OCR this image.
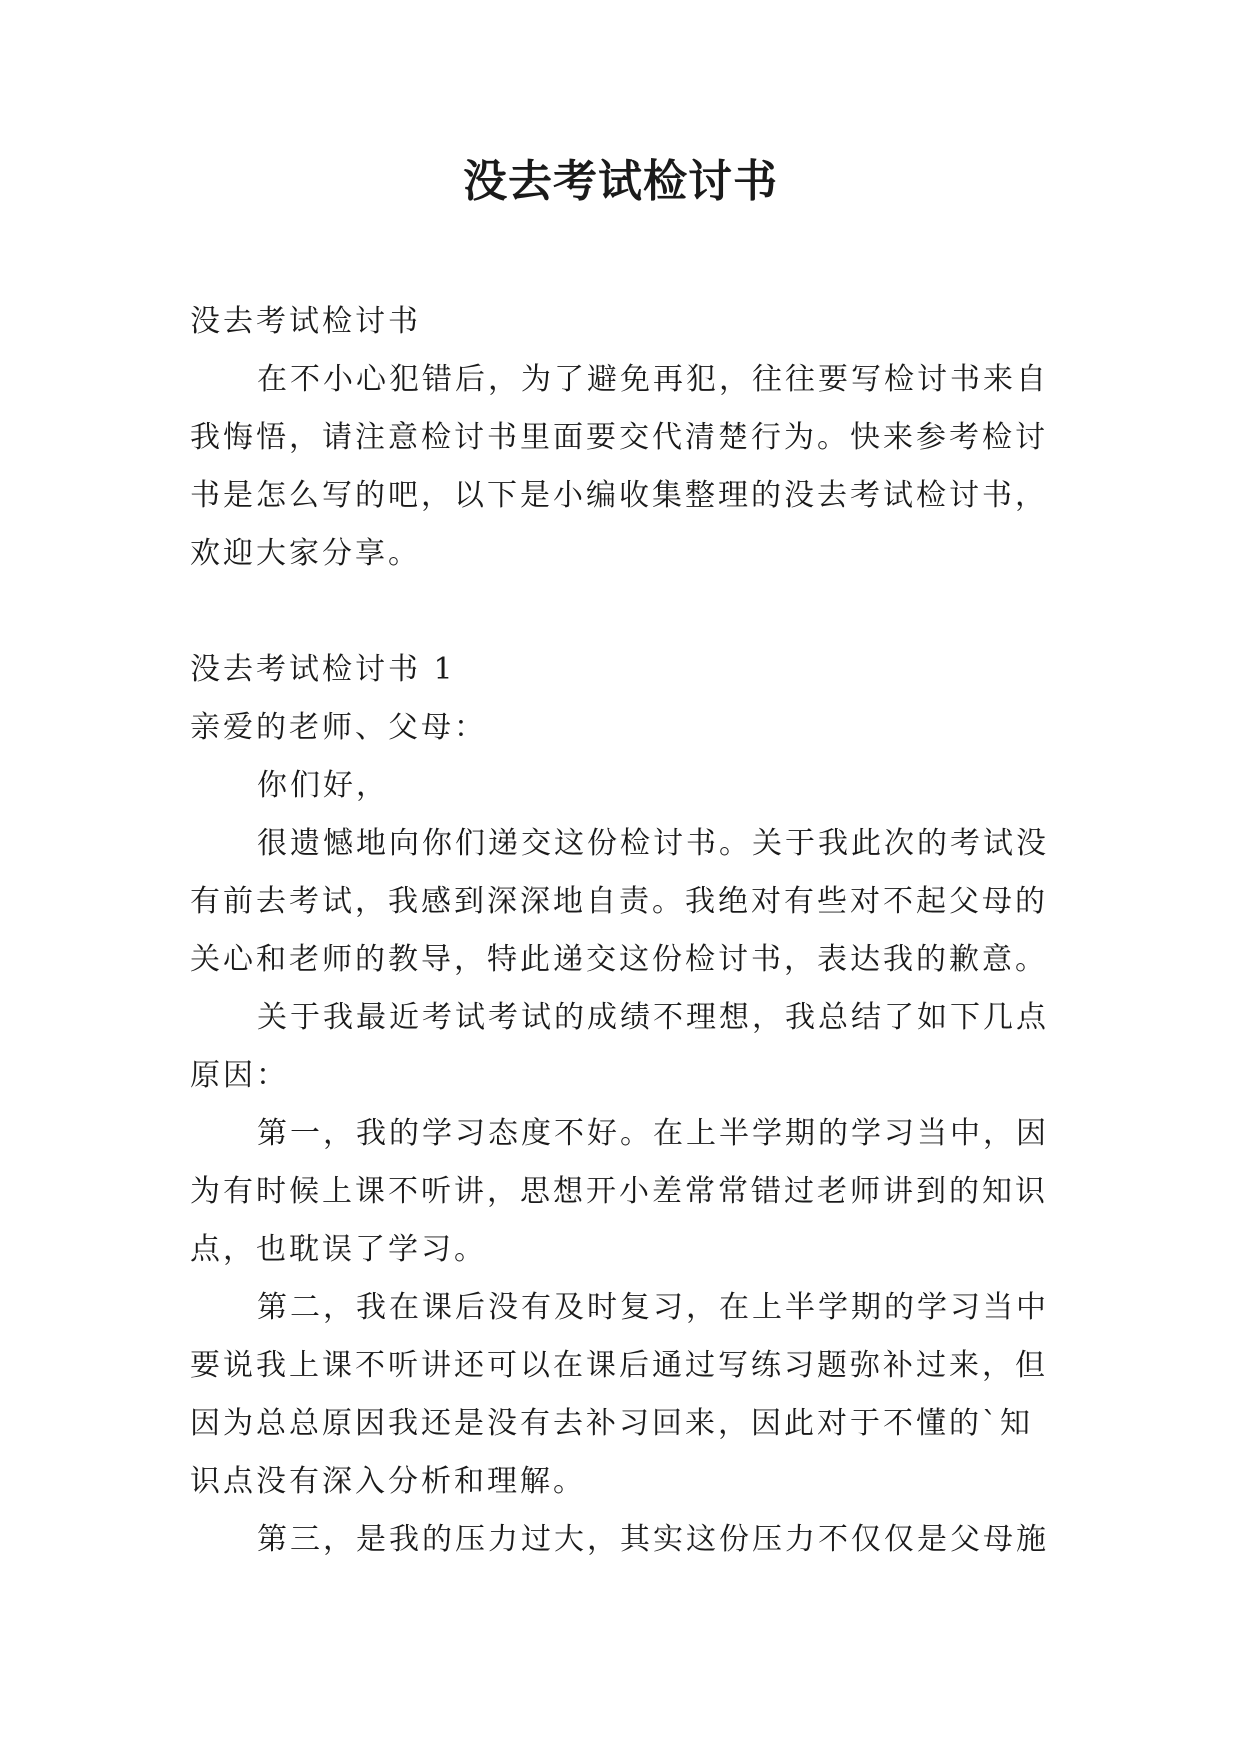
没去考试检讨书

没去考试检讨书

在不小心犯错后，为了避免再犯，往往要写检讨书来自

我悔悟，请注意检讨书里面要交代清楚行为。快来参考检讨

书是怎么写的吧，以下是小编收集整理的没去考试检讨书，

欢迎大家分享。

没去考试检讨书 1

亲爱的老师、父母：

你们好，

很遗憾地向你们递交这份检讨书。关于我此次的考试没

有前去考试，我感到深深地自责。我绝对有些对不起父母的

关心和老师的教导，特此递交这份检讨书，表达我的歉意。

关于我最近考试考试的成绩不理想，我总结了如下几点

原因：

第一，我的学习态度不好。在上半学期的学习当中，因

为有时候上课不听讲，思想开小差常常错过老师讲到的知识

点，也耽误了学习。

第二，我在课后没有及时复习，在上半学期的学习当中

要说我上课不听讲还可以在课后通过写练习题弥补过来，但

因为总总原因我还是没有去补习回来，因此对于不懂的`知

识点没有深入分析和理解。

第三，是我的压力过大，其实这份压力不仅仅是父母施
